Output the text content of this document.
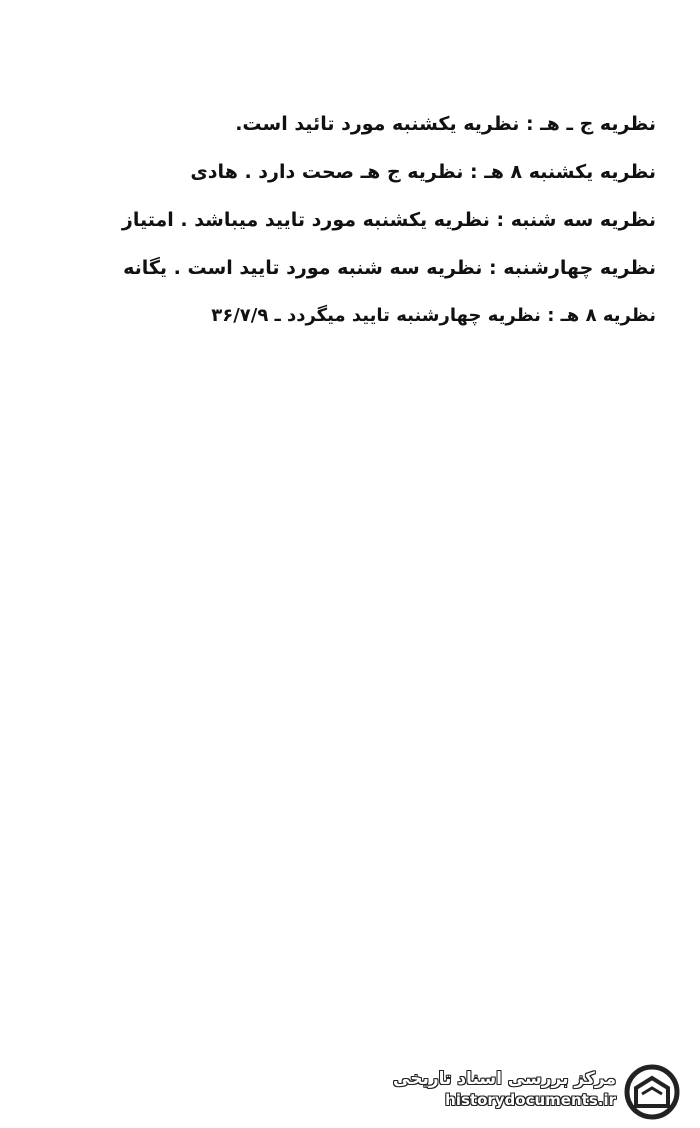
نظریه ج ـ هـ : نظریه یکشنبه مورد تائید است.
نظریه یکشنبه ۸ هـ : نظریه ج هـ صحت دارد . هادی
نظریه سه شنبه : نظریه یکشنبه مورد تایید میباشد . امتیاز
نظریه چهارشنبه : نظریه سه شنبه مورد تایید است . یگانه
نظریه ۸ هـ : نظریه چهارشنبه تایید میگردد ـ ۳۶/۷/۹
مرکز بررسی اسناد تاریخی
historydocuments.ir
